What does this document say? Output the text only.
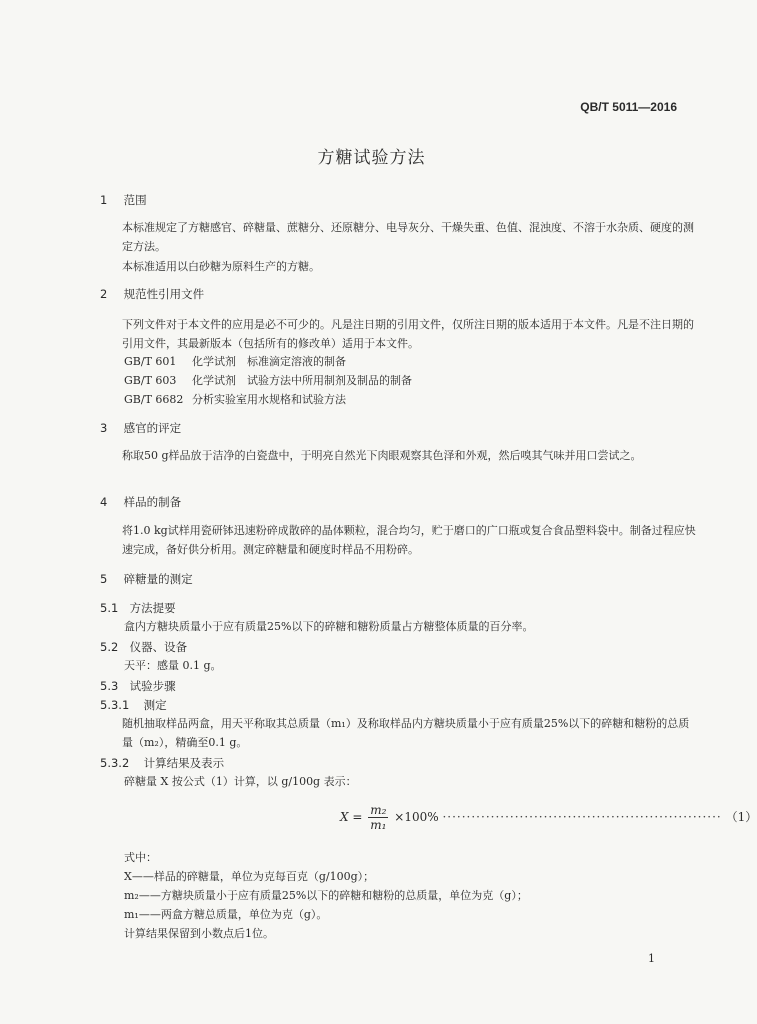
QB/T 5011—2016
方糖试验方法
1 范围
本标准规定了方糖感官、碎糖量、蔗糖分、还原糖分、电导灰分、干燥失重、色值、混浊度、不溶于水杂质、硬度的测定方法。
本标准适用以白砂糖为原料生产的方糖。
2 规范性引用文件
下列文件对于本文件的应用是必不可少的。凡是注日期的引用文件，仅所注日期的版本适用于本文件。凡是不注日期的引用文件，其最新版本（包括所有的修改单）适用于本文件。
GB/T 601 化学试剂　标准滴定溶液的制备
GB/T 603 化学试剂　试验方法中所用制剂及制品的制备
GB/T 6682 分析实验室用水规格和试验方法
3 感官的评定
称取50 g样品放于洁净的白瓷盘中，于明亮自然光下肉眼观察其色泽和外观，然后嗅其气味并用口尝试之。
4 样品的制备
将1.0 kg试样用瓷研钵迅速粉碎成散碎的晶体颗粒，混合均匀，贮于磨口的广口瓶或复合食品塑料袋中。制备过程应快速完成，备好供分析用。测定碎糖量和硬度时样品不用粉碎。
5 碎糖量的测定
5.1 方法提要
盒内方糖块质量小于应有质量25%以下的碎糖和糖粉质量占方糖整体质量的百分率。
5.2 仪器、设备
天平：感量 0.1 g。
5.3 试验步骤
5.3.1 测定
随机抽取样品两盒，用天平称取其总质量（m₁）及称取样品内方糖块质量小于应有质量25%以下的碎糖和糖粉的总质量（m₂），精确至0.1 g。
5.3.2 计算结果及表示
碎糖量 X 按公式（1）计算，以 g/100g 表示：
$X = \frac{\text{m₂}}{\text{m₁}} \times 100\%$ ·························································· （1）
式中：
X——样品的碎糖量，单位为克每百克（g/100g）；
m₂——方糖块质量小于应有质量25%以下的碎糖和糖粉的总质量，单位为克（g）；
m₁——两盒方糖总质量，单位为克（g）。
计算结果保留到小数点后1位。
1
